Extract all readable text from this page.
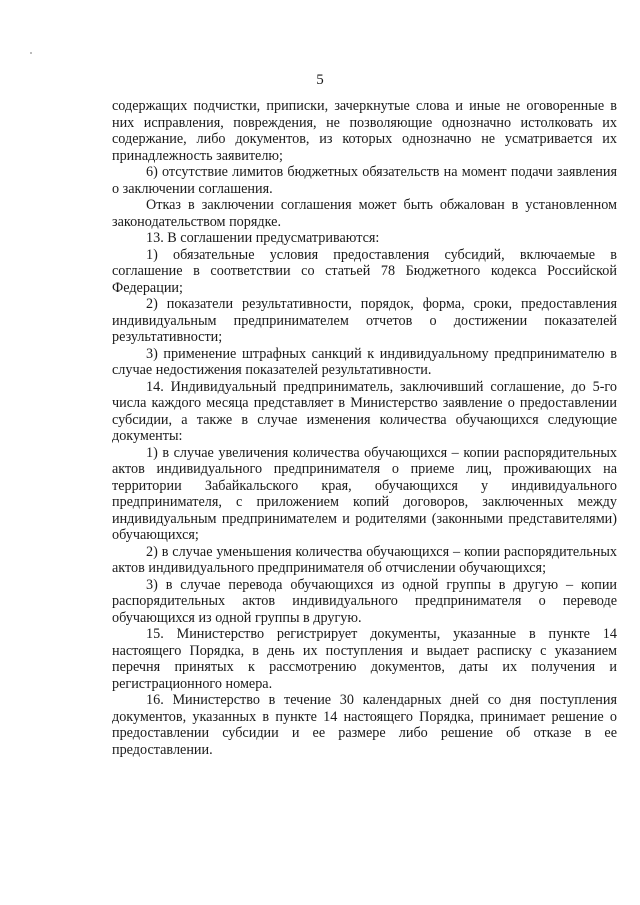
5

содержащих подчистки, приписки, зачеркнутые слова и иные не оговоренные в них исправления, повреждения, не позволяющие однозначно истолковать их содержание, либо документов, из которых однозначно не усматривается их принадлежность заявителю;

6) отсутствие лимитов бюджетных обязательств на момент подачи заявления о заключении соглашения.

Отказ в заключении соглашения может быть обжалован в установленном законодательством порядке.

13. В соглашении предусматриваются:

1) обязательные условия предоставления субсидий, включаемые в соглашение в соответствии со статьей 78 Бюджетного кодекса Российской Федерации;

2) показатели результативности, порядок, форма, сроки, предоставления индивидуальным предпринимателем отчетов о достижении показателей результативности;

3) применение штрафных санкций к индивидуальному предпринимателю в случае недостижения показателей результативности.

14. Индивидуальный предприниматель, заключивший соглашение, до 5-го числа каждого месяца представляет в Министерство заявление о предоставлении субсидии, а также в случае изменения количества обучающихся следующие документы:

1) в случае увеличения количества обучающихся – копии распорядительных актов индивидуального предпринимателя о приеме лиц, проживающих на территории Забайкальского края, обучающихся у индивидуального предпринимателя, с приложением копий договоров, заключенных между индивидуальным предпринимателем и родителями (законными представителями) обучающихся;

2) в случае уменьшения количества обучающихся – копии распорядительных актов индивидуального предпринимателя об отчислении обучающихся;

3) в случае перевода обучающихся из одной группы в другую – копии распорядительных актов индивидуального предпринимателя о переводе обучающихся из одной группы в другую.

15. Министерство регистрирует документы, указанные в пункте 14 настоящего Порядка, в день их поступления и выдает расписку с указанием перечня принятых к рассмотрению документов, даты их получения и регистрационного номера.

16. Министерство в течение 30 календарных дней со дня поступления документов, указанных в пункте 14 настоящего Порядка, принимает решение о предоставлении субсидии и ее размере либо решение об отказе в ее предоставлении.
